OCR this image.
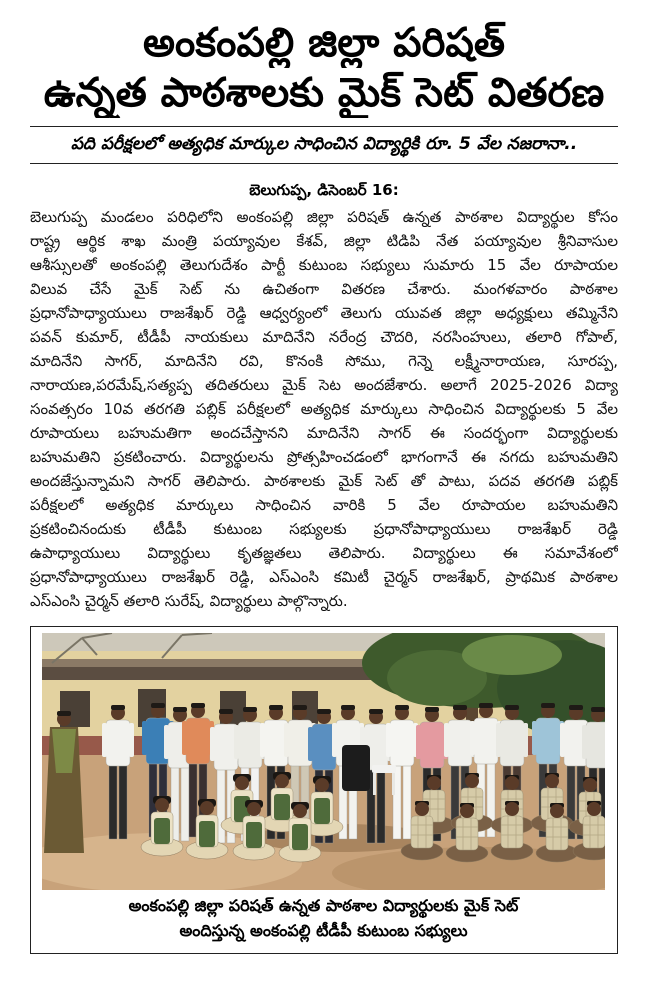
అంకంపల్లి జిల్లా పరిషత్
ఉన్నత పాఠశాలకు మైక్ సెట్ వితరణ
పది పరీక్షలలో అత్యధిక మార్కుల సాధించిన విద్యార్థికి రూ. 5 వేల నజరానా..
బెలుగుప్ప, డిసెంబర్ 16:
బెలుగుప్ప మండలం పరిధిలోని అంకంపల్లి జిల్లా పరిషత్ ఉన్నత పాఠశాల విద్యార్థుల కోసం
రాష్ట్ర ఆర్థిక శాఖ మంత్రి పయ్యావుల కేశవ్, జిల్లా టిడిపి నేత పయ్యావుల శ్రీనివాసుల
ఆశీస్సులతో అంకంపల్లి తెలుగుదేశం పార్టీ కుటుంబ సభ్యులు సుమారు 15 వేల రూపాయల
విలువ చేసే మైక్ సెట్ ను ఉచితంగా వితరణ చేశారు. మంగళవారం పాఠశాల
ప్రధానోపాధ్యాయులు రాజశేఖర్ రెడ్డి ఆధ్వర్యంలో తెలుగు యువత జిల్లా అధ్యక్షులు తమ్మినేని
పవన్ కుమార్, టీడీపీ నాయకులు మాదినేని నరేంద్ర చౌదరి, నరసింహులు, తలారి గోపాల్,
మాదినేని సాగర్, మాదినేని రవి, కొనంకి సోము, గెన్నె లక్ష్మీనారాయణ, సూరప్ప,
నారాయణ,పరమేష్,సత్యప్ప తదితరులు మైక్ సెట అందజేశారు. అలాగే 2025-2026 విద్యా
సంవత్సరం 10వ తరగతి పబ్లిక్ పరీక్షలలో అత్యధిక మార్కులు సాధించిన విద్యార్థులకు 5 వేల
రూపాయలు బహుమతిగా అందచేస్తానని మాదినేని సాగర్ ఈ సందర్భంగా విద్యార్థులకు
బహుమతిని ప్రకటించారు. విద్యార్థులను ప్రోత్సహించడంలో భాగంగానే ఈ నగదు బహుమతిని
అందజేస్తున్నామని సాగర్ తెలిపారు. పాఠశాలకు మైక్ సెట్ తో పాటు, పదవ తరగతి పబ్లిక్
పరీక్షలలో అత్యధిక మార్కులు సాధించిన వారికి 5 వేల రూపాయల బహుమతిని
ప్రకటించినందుకు టీడీపీ కుటుంబ సభ్యులకు ప్రధానోపాధ్యాయులు రాజశేఖర్ రెడ్డి
ఉపాధ్యాయులు విద్యార్థులు కృతజ్ఞతలు తెలిపారు. విద్యార్థులు ఈ సమావేశంలో
ప్రధానోపాధ్యాయులు రాజశేఖర్ రెడ్డి, ఎస్ఎంసి కమిటీ చైర్మన్ రాజశేఖర్, ప్రాథమిక పాఠశాల
ఎస్ఎంసి చైర్మన్ తలారి సురేష్, విద్యార్థులు పాల్గొన్నారు.
అంకంపల్లి జిల్లా పరిషత్ ఉన్నత పాఠశాల విద్యార్థులకు మైక్ సెట్
అందిస్తున్న అంకంపల్లి టీడీపీ కుటుంబ సభ్యులు
